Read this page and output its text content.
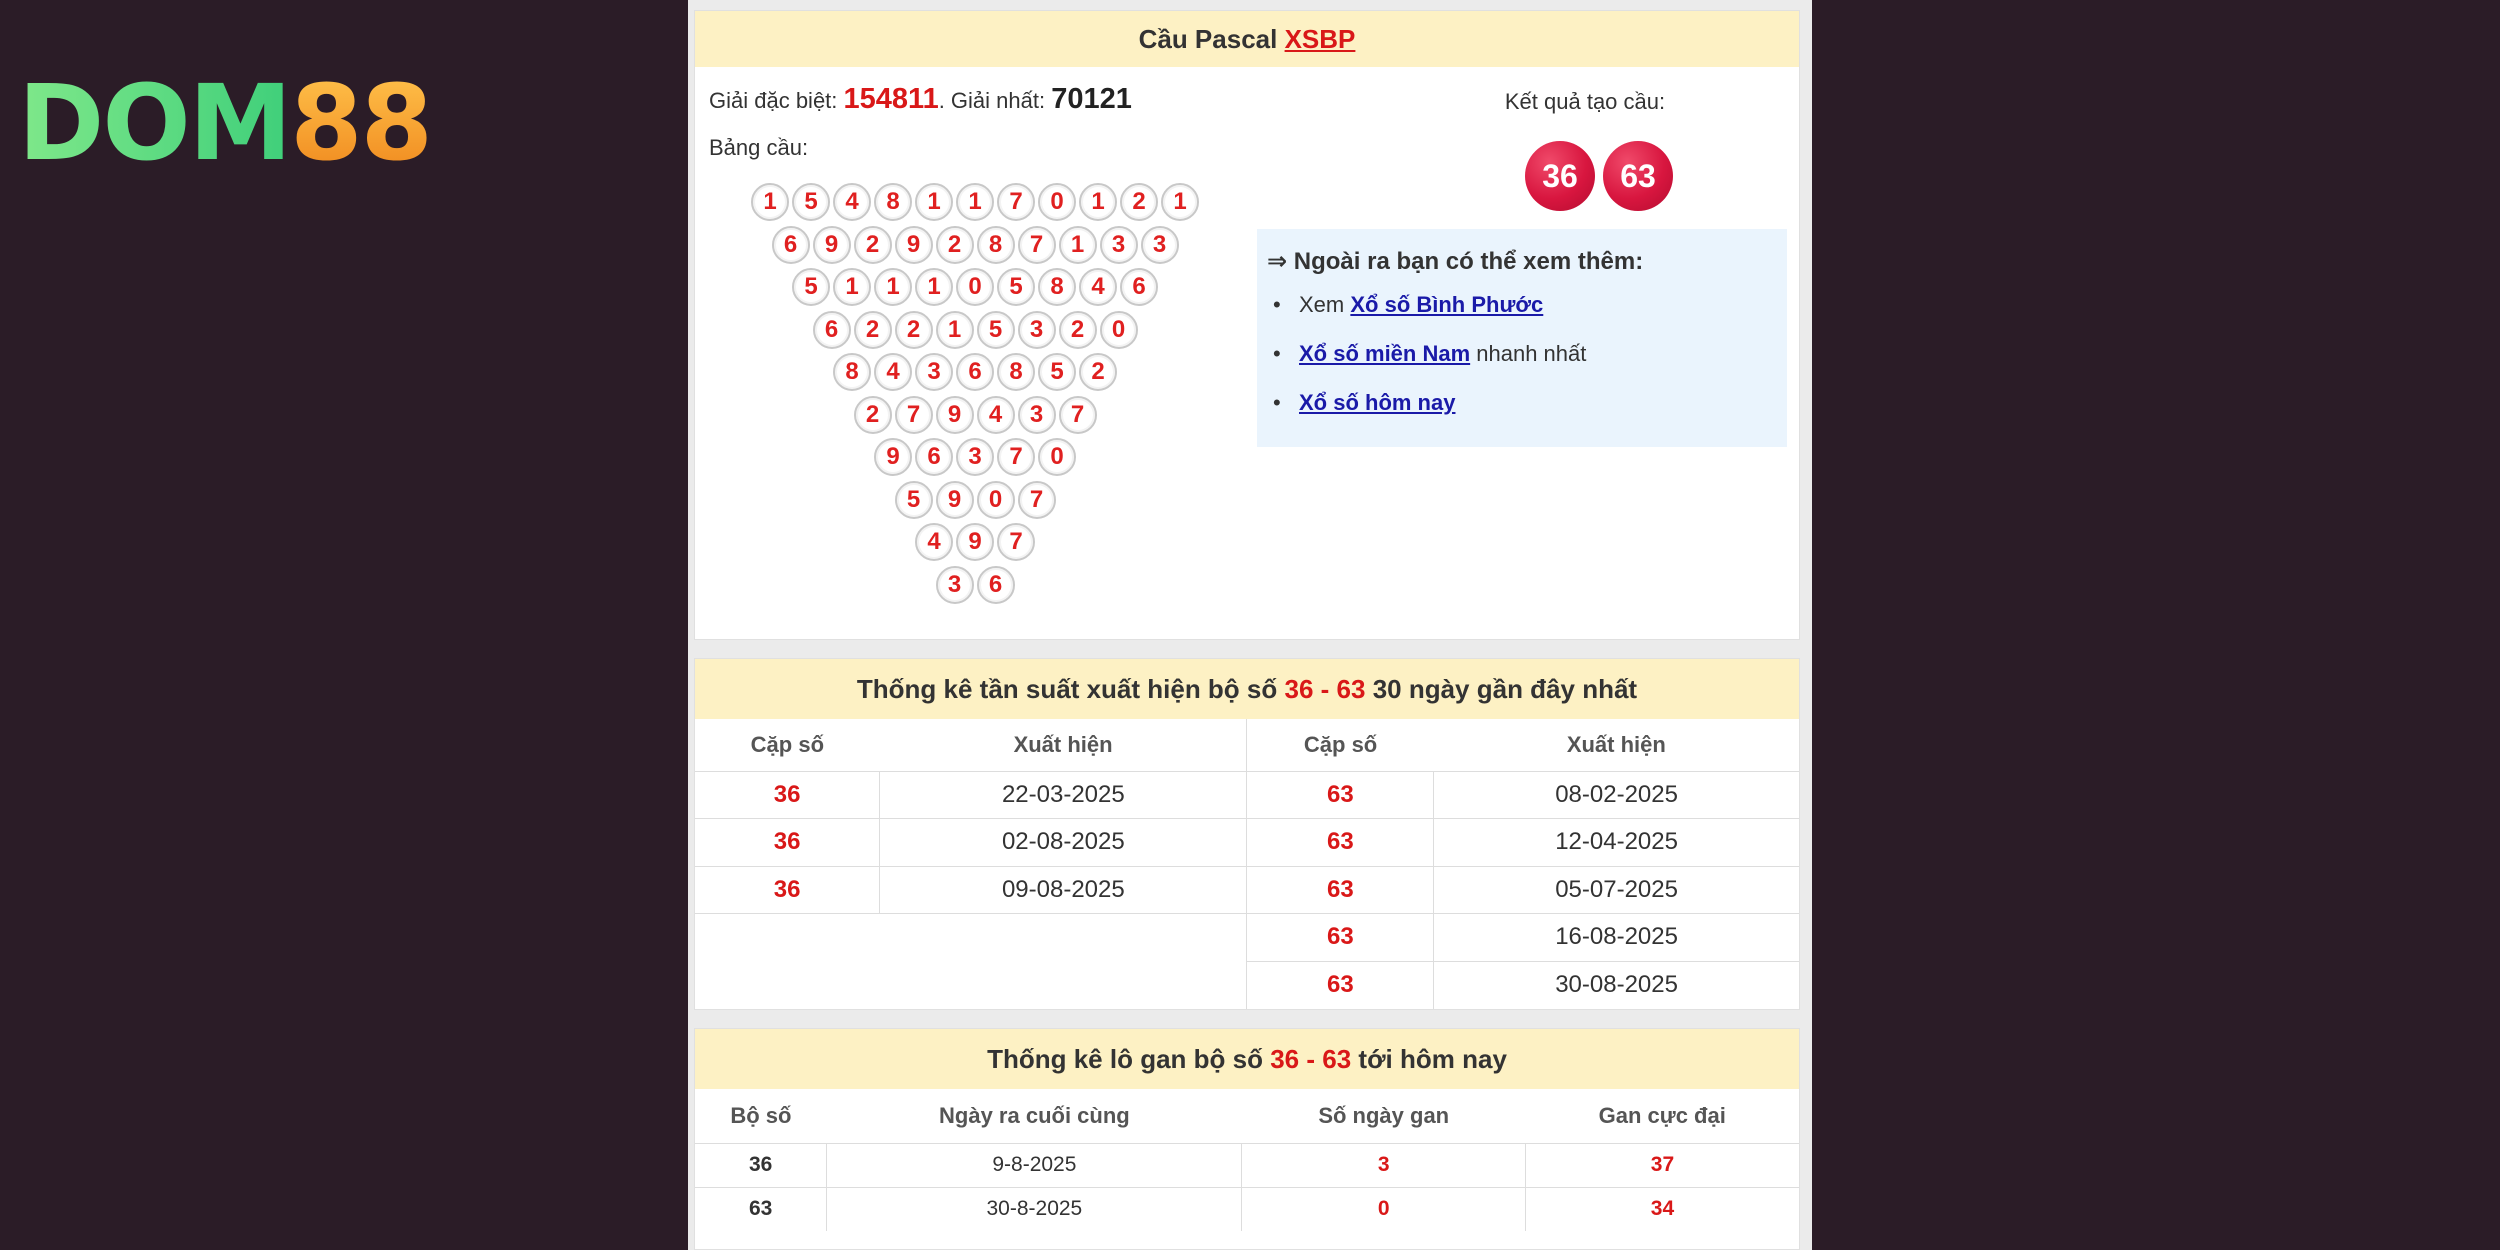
DOM 88
Cầu Pascal XSBP
Giải đặc biệt: 154811. Giải nhất: 70121
Bảng cầu:
1	5	4	8	1	1	7	0	1	2	1
6	9	2	9	2	8	7	1	3	3
5	1	1	1	0	5	8	4	6
6	2	2	1	5	3	2	0
8	4	3	6	8	5	2
2	7	9	4	3	7
9	6	3	7	0
5	9	0	7
4	9	7
3	6
Kết quả tạo cầu:
36	63
⇒ Ngoài ra bạn có thể xem thêm:
• Xem Xổ số Bình Phước
• Xổ số miền Nam nhanh nhất
• Xổ số hôm nay
Thống kê tần suất xuất hiện bộ số 36 - 63 30 ngày gần đây nhất
Cặp số	Xuất hiện	Cặp số	Xuất hiện
36	22-03-2025	63	08-02-2025
36	02-08-2025	63	12-04-2025
36	09-08-2025	63	05-07-2025
		63	16-08-2025
		63	30-08-2025
Thống kê lô gan bộ số 36 - 63 tới hôm nay
Bộ số	Ngày ra cuối cùng	Số ngày gan	Gan cực đại
36	9-8-2025	3	37
63	30-8-2025	0	34
